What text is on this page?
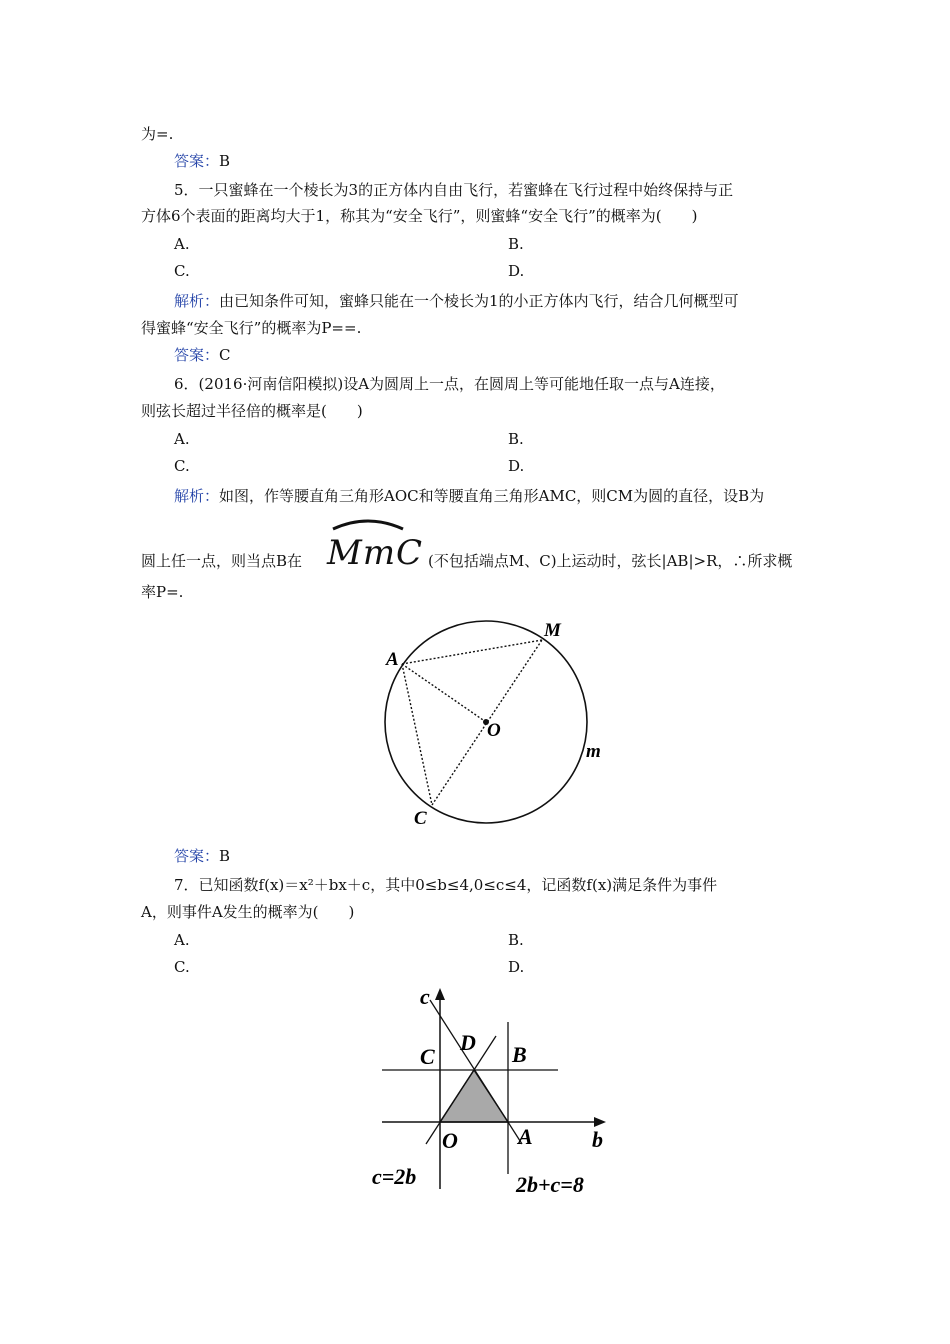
为=.
答案：B
5．一只蜜蜂在一个棱长为3的正方体内自由飞行，若蜜蜂在飞行过程中始终保持与正
方体6个表面的距离均大于1，称其为“安全飞行”，则蜜蜂“安全飞行”的概率为(　　)
A.	B.
C.	D.
解析：由已知条件可知，蜜蜂只能在一个棱长为1的小正方体内飞行，结合几何概型可
得蜜蜂“安全飞行”的概率为P==.
答案：C
6．(2016·河南信阳模拟)设A为圆周上一点，在圆周上等可能地任取一点与A连接，
则弦长超过半径倍的概率是(　　)
A.	B.
C.	D.
解析：如图，作等腰直角三角形AOC和等腰直角三角形AMC，则CM为圆的直径，设B为
圆上任一点，则当点B在 MmC (不包括端点M、C)上运动时，弦长|AB|>R，∴所求概
率P=.
A
M
O
m
C
答案：B
7．已知函数f(x)＝x²＋bx＋c，其中0≤b≤4,0≤c≤4，记函数f(x)满足条件为事件
A，则事件A发生的概率为(　　)
A.	B.
C.	D.
c
b
C
D B
O	A
c=2b	2b+c=8
